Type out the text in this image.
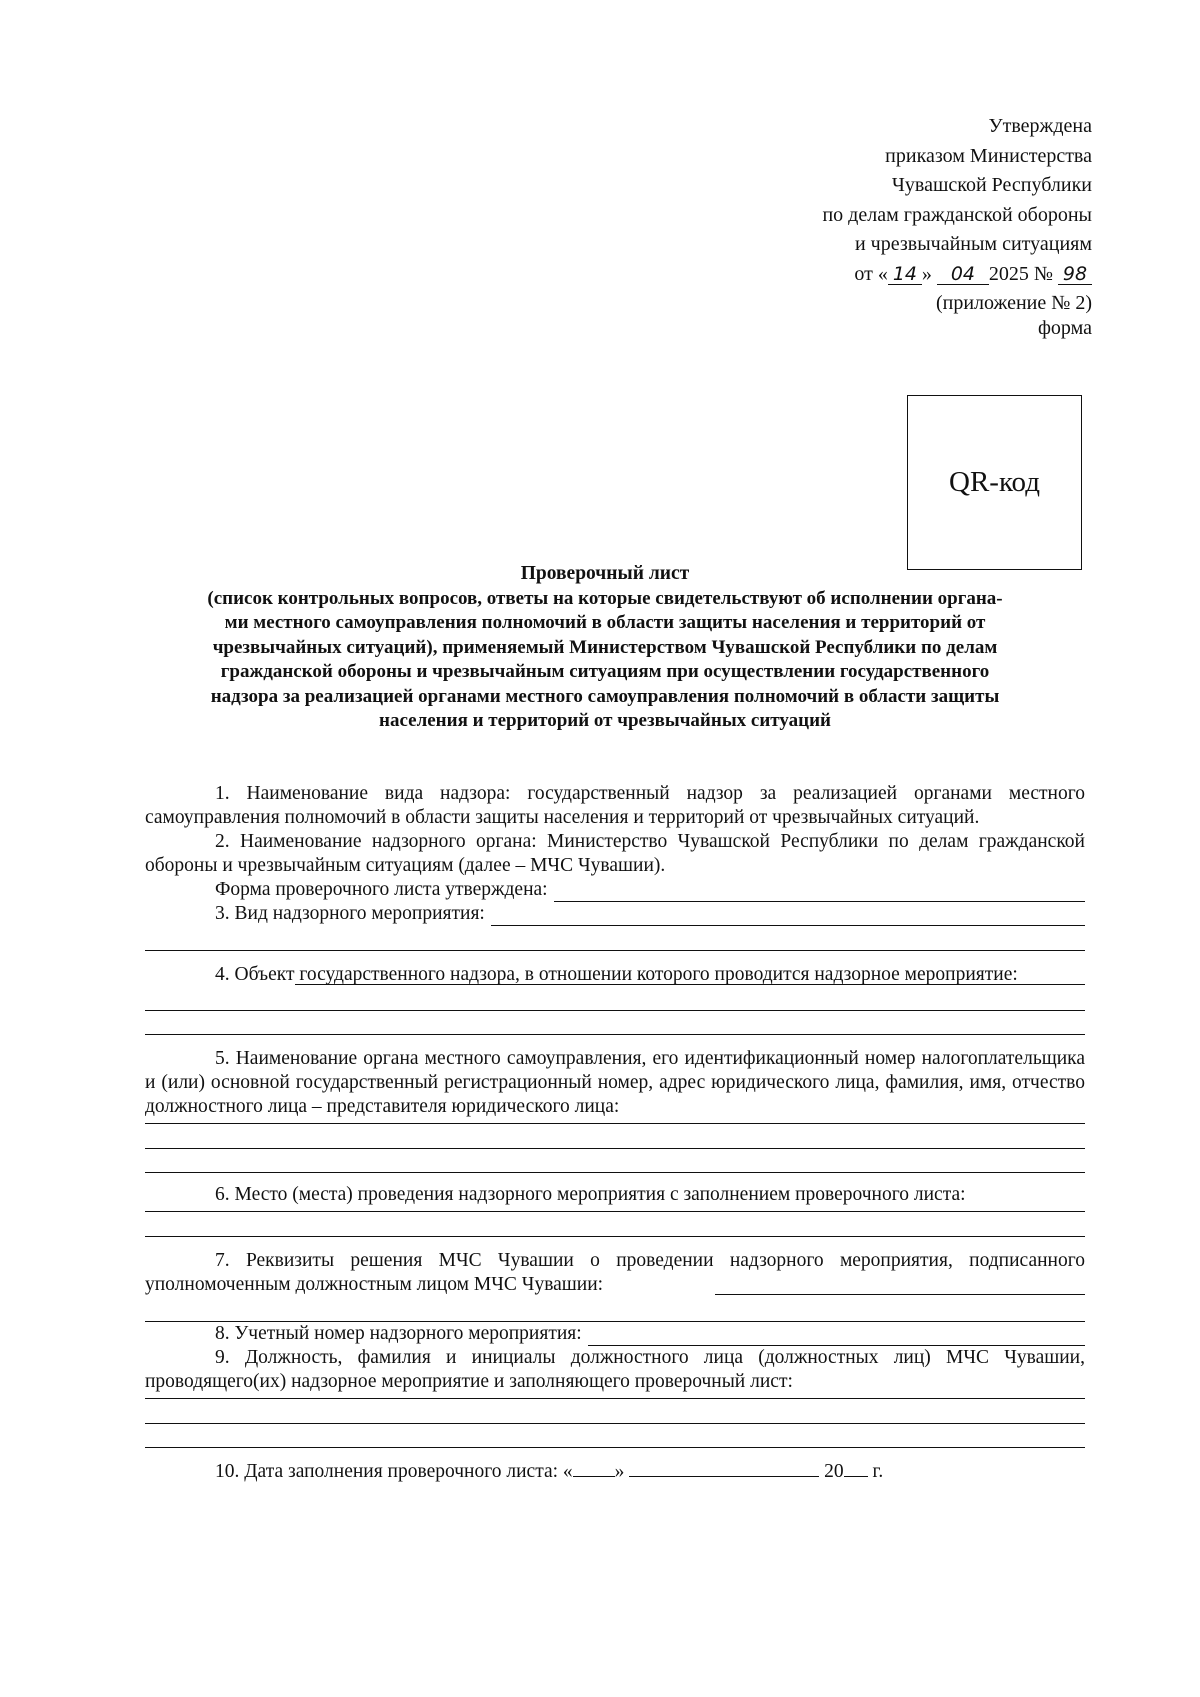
Утверждена
приказом Министерства
Чувашской Республики
по делам гражданской обороны
и чрезвычайным ситуациям
от « 14 » 04 2025 № 98
(приложение № 2)
форма
QR-код
Проверочный лист
(список контрольных вопросов, ответы на которые свидетельствуют об исполнении органа-
ми местного самоуправления полномочий в области защиты населения и территорий от
чрезвычайных ситуаций), применяемый Министерством Чувашской Республики по делам
гражданской обороны и чрезвычайным ситуациям при осуществлении государственного
надзора за реализацией органами местного самоуправления полномочий в области защиты
населения и территорий от чрезвычайных ситуаций

1. Наименование вида надзора: государственный надзор за реализацией органами местного самоуправления полномочий в области защиты населения и территорий от чрезвычайных ситуаций.

2. Наименование надзорного органа: Министерство Чувашской Республики по делам гражданской обороны и чрезвычайным ситуациям (далее – МЧС Чувашии).

Форма проверочного листа утверждена:
3. Вид надзорного мероприятия:

4. Объект государственного надзора, в отношении которого проводится надзорное мероприятие:

5. Наименование органа местного самоуправления, его идентификационный номер налогоплательщика и (или) основной государственный регистрационный номер, адрес юридического лица, фамилия, имя, отчество должностного лица – представителя юридического лица:

6. Место (места) проведения надзорного мероприятия с заполнением проверочного листа:

7. Реквизиты решения МЧС Чувашии о проведении надзорного мероприятия, подписанного уполномоченным должностным лицом МЧС Чувашии:

8. Учетный номер надзорного мероприятия:

9. Должность, фамилия и инициалы должностного лица (должностных лиц) МЧС Чувашии, проводящего(их) надзорное мероприятие и заполняющего проверочный лист:

10. Дата заполнения проверочного листа: « »	20 г.
